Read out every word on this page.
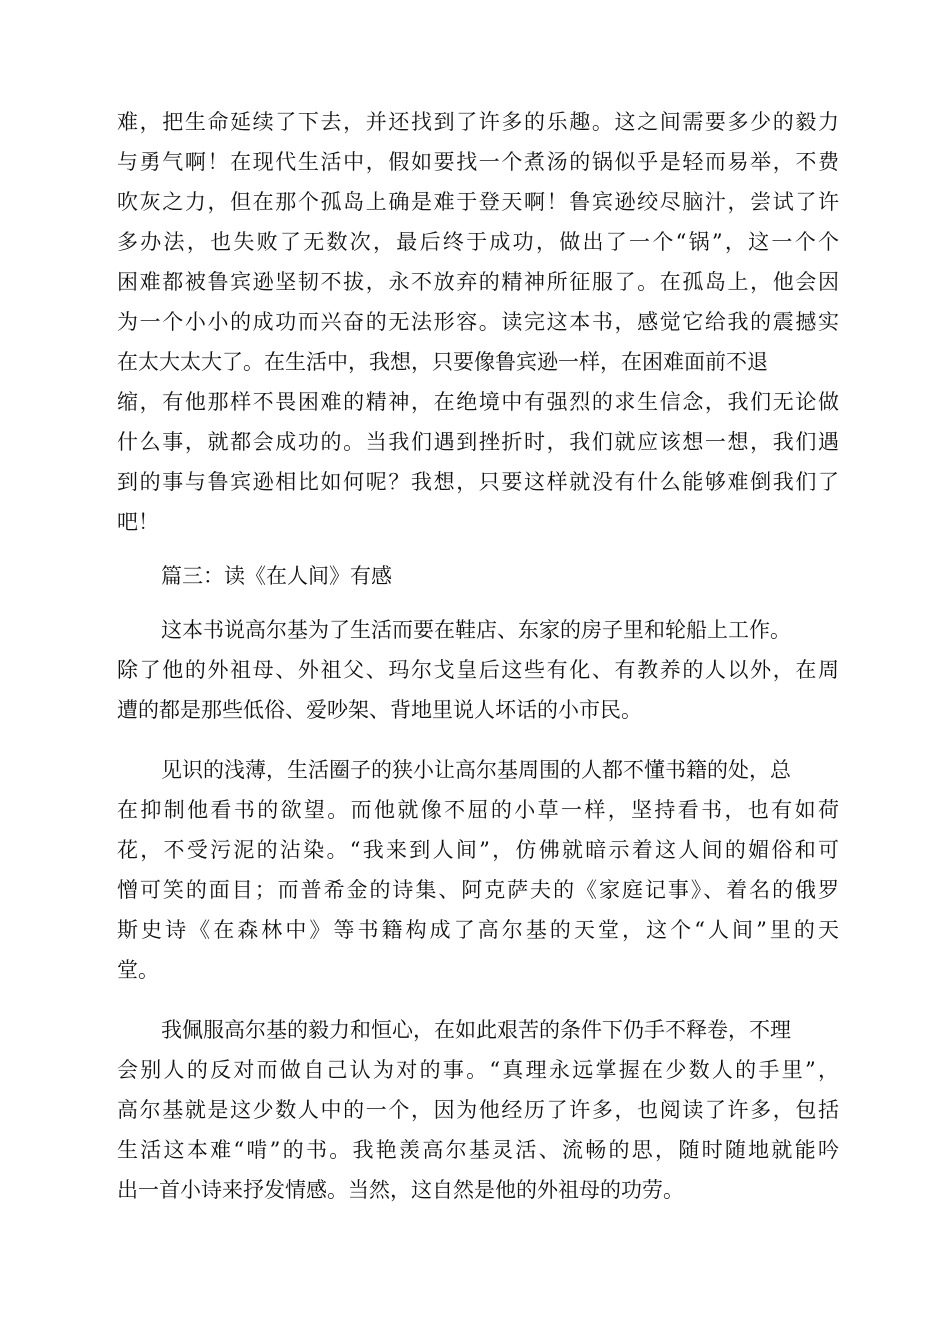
难，把生命延续了下去，并还找到了许多的乐趣。这之间需要多少的毅力
与勇气啊！在现代生活中，假如要找一个煮汤的锅似乎是轻而易举，不费
吹灰之力，但在那个孤岛上确是难于登天啊！鲁宾逊绞尽脑汁，尝试了许
多办法，也失败了无数次，最后终于成功，做出了一个“锅”，这一个个
困难都被鲁宾逊坚韧不拔，永不放弃的精神所征服了。在孤岛上，他会因
为一个小小的成功而兴奋的无法形容。读完这本书，感觉它给我的震撼实
在太大太大了。在生活中，我想，只要像鲁宾逊一样，在困难面前不退
缩，有他那样不畏困难的精神，在绝境中有强烈的求生信念，我们无论做
什么事，就都会成功的。当我们遇到挫折时，我们就应该想一想，我们遇
到的事与鲁宾逊相比如何呢？我想，只要这样就没有什么能够难倒我们了
吧！
篇三：读《在人间》有感
这本书说高尔基为了生活而要在鞋店、东家的房子里和轮船上工作。
除了他的外祖母、外祖父、玛尔戈皇后这些有化、有教养的人以外，在周
遭的都是那些低俗、爱吵架、背地里说人坏话的小市民。
见识的浅薄，生活圈子的狭小让高尔基周围的人都不懂书籍的处，总
在抑制他看书的欲望。而他就像不屈的小草一样，坚持看书，也有如荷
花，不受污泥的沾染。“我来到人间”，仿佛就暗示着这人间的媚俗和可
憎可笑的面目；而普希金的诗集、阿克萨夫的《家庭记事》、着名的俄罗
斯史诗《在森林中》等书籍构成了高尔基的天堂，这个“人间”里的天
堂。
我佩服高尔基的毅力和恒心，在如此艰苦的条件下仍手不释卷，不理
会别人的反对而做自己认为对的事。“真理永远掌握在少数人的手里”，
高尔基就是这少数人中的一个，因为他经历了许多，也阅读了许多，包括
生活这本难“啃”的书。我艳羡高尔基灵活、流畅的思，随时随地就能吟
出一首小诗来抒发情感。当然，这自然是他的外祖母的功劳。
